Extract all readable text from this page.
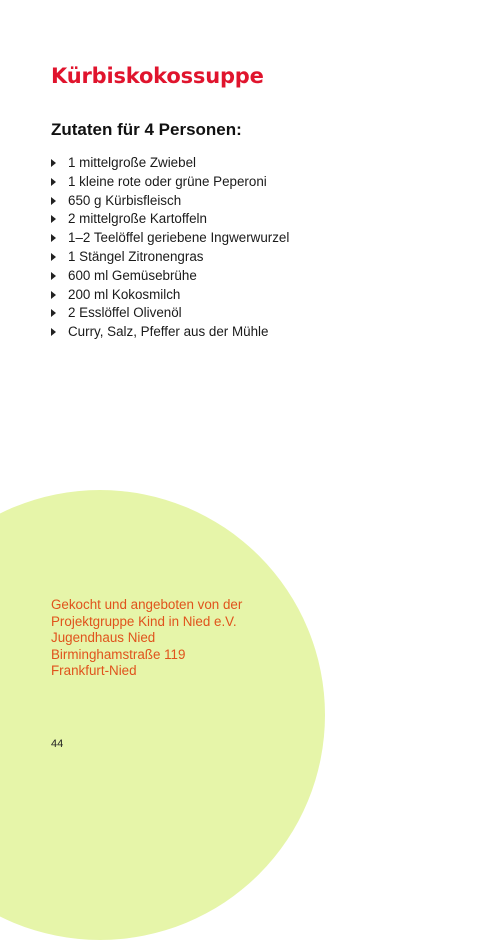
Kürbiskokossuppe
Zutaten für 4 Personen:
1 mittelgroße Zwiebel
1 kleine rote oder grüne Peperoni
650 g Kürbisfleisch
2 mittelgroße Kartoffeln
1–2 Teelöffel geriebene Ingwerwurzel
1 Stängel Zitronengras
600 ml Gemüsebrühe
200 ml Kokosmilch
2 Esslöffel Olivenöl
Curry, Salz, Pfeffer aus der Mühle
Gekocht und angeboten von der
Projektgruppe Kind in Nied e.V.
Jugendhaus Nied
Birminghamstraße 119
Frankfurt-Nied
44
